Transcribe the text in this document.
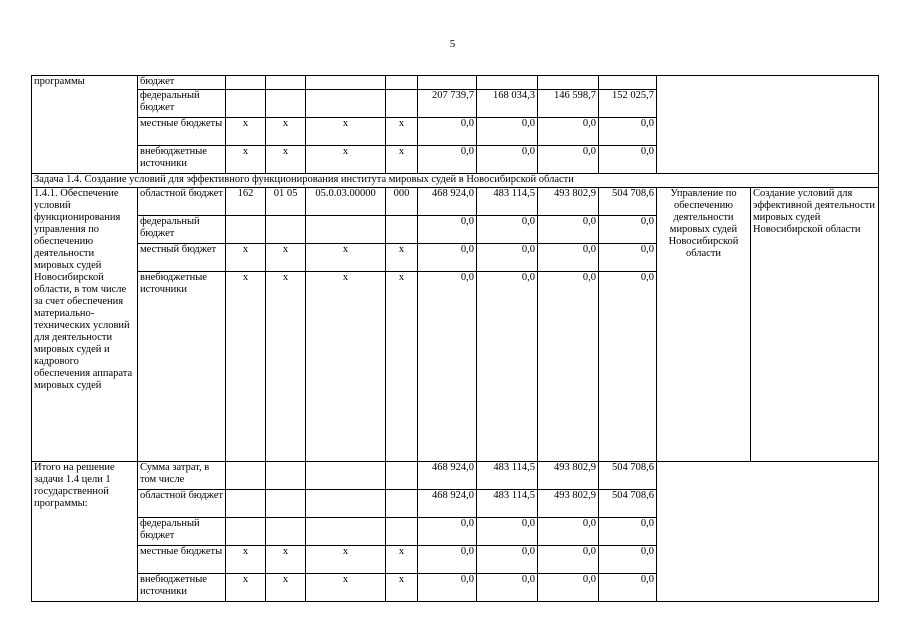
5
программы	бюджет										
	федеральный бюджет					207 739,7	168 034,3	146 598,7	152 025,7		
	местные бюджеты	х	х	х	х	0,0	0,0	0,0	0,0		
	внебюджетные источники	х	х	х	х	0,0	0,0	0,0	0,0		
Задача 1.4. Создание условий для эффективного функционирования института мировых судей в Новосибирской области											
1.4.1. Обеспечение условий функционирования управления по обеспечению деятельности мировых судей Новосибирской области, в том числе за счет обеспечения материально-технических условий для деятельности мировых судей и кадрового обеспечения аппарата мировых судей	областной бюджет	162	01 05	05.0.03.00000	000	468 924,0	483 114,5	493 802,9	504 708,6	Управление по обеспечению деятельности мировых судей Новосибирской области	Создание условий для эффективной деятельности мировых судей Новосибирской области
	федеральный бюджет					0,0	0,0	0,0	0,0		
	местный бюджет	х	х	х	х	0,0	0,0	0,0	0,0		
	внебюджетные источники	х	х	х	х	0,0	0,0	0,0	0,0		
Итого на решение задачи 1.4 цели 1 государственной программы:	Сумма затрат, в том числе					468 924,0	483 114,5	493 802,9	504 708,6		
	областной бюджет					468 924,0	483 114,5	493 802,9	504 708,6		
	федеральный бюджет					0,0	0,0	0,0	0,0		
	местные бюджеты	х	х	х	х	0,0	0,0	0,0	0,0		
	внебюджетные источники	х	х	х	х	0,0	0,0	0,0	0,0		
